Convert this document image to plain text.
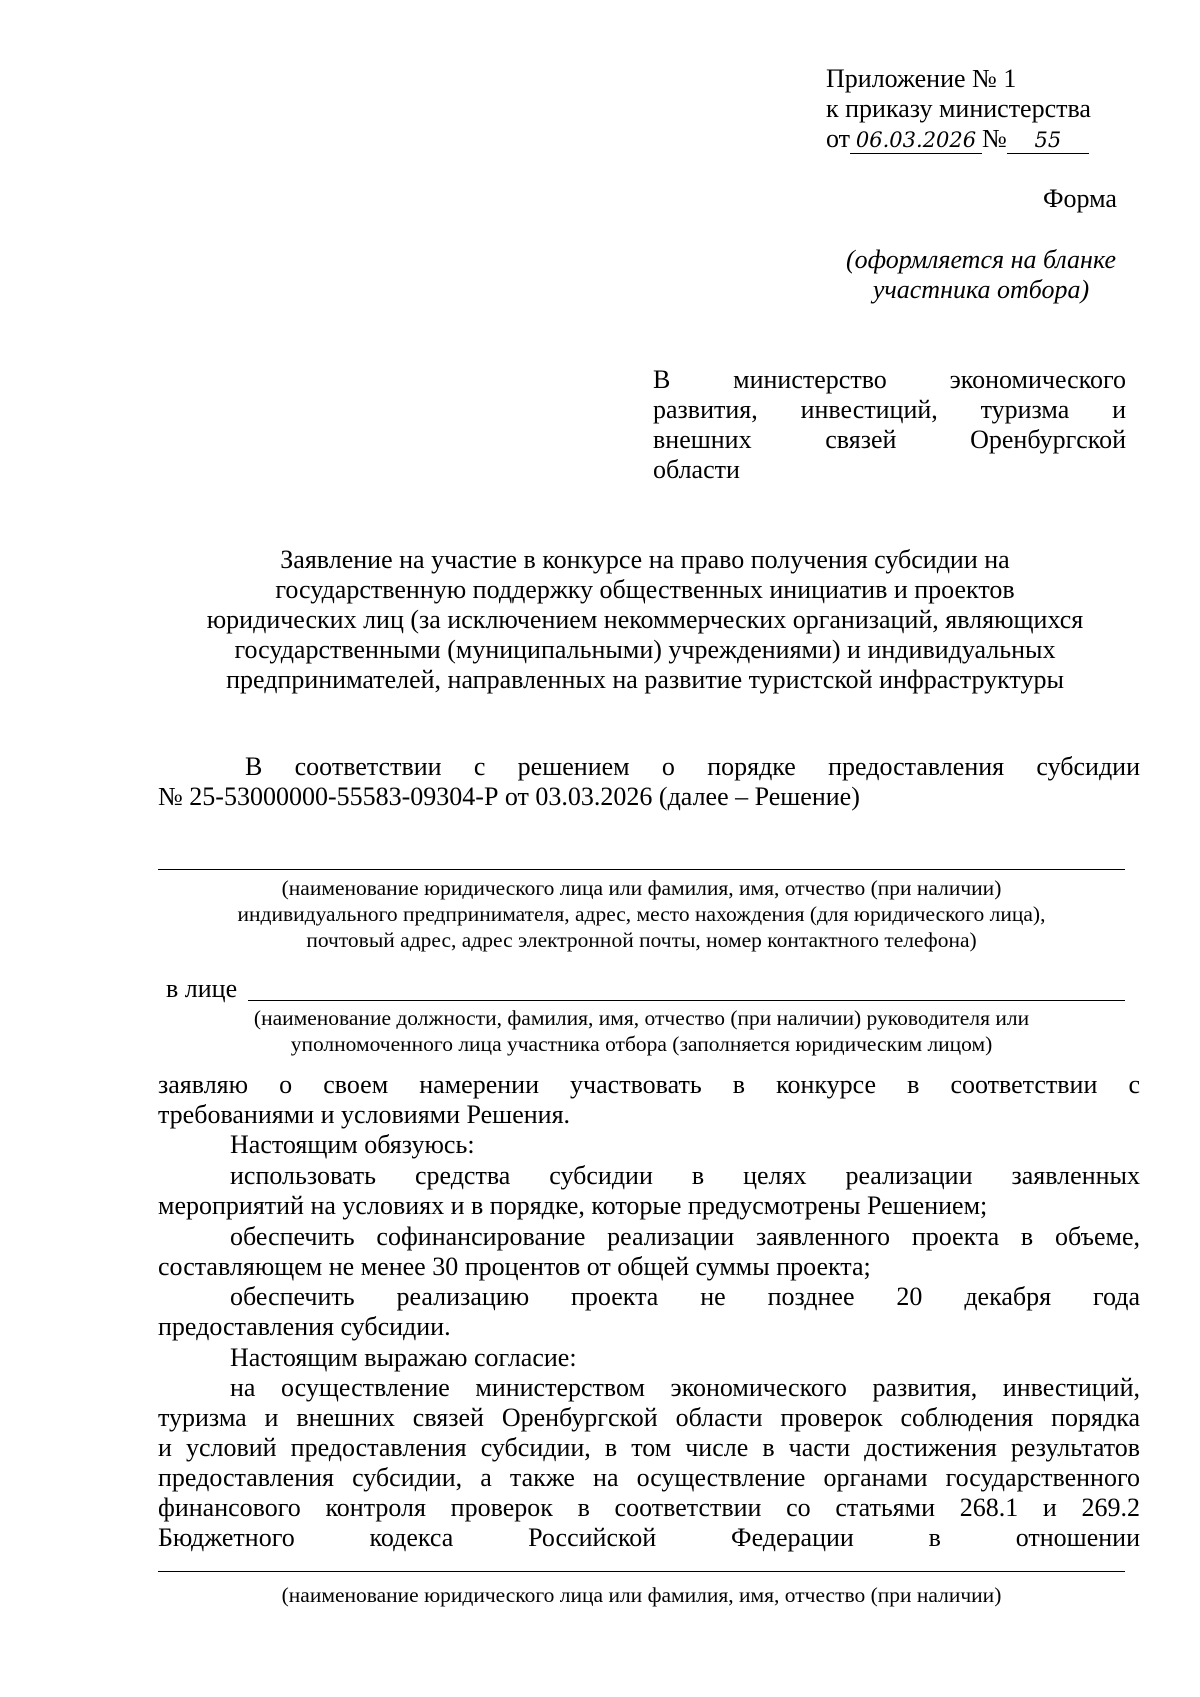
Приложение № 1
к приказу министерства
от 06.03.2026 № 55
Форма
(оформляется на бланке
участника отбора)
В министерство экономического
развития, инвестиций, туризма и
внешних связей Оренбургской
области
Заявление на участие в конкурсе на право получения субсидии на
государственную поддержку общественных инициатив и проектов
юридических лиц (за исключением некоммерческих организаций, являющихся
государственными (муниципальными) учреждениями) и индивидуальных
предпринимателей, направленных на развитие туристской инфраструктуры
В соответствии с решением о порядке предоставления субсидии
№ 25-53000000-55583-09304-Р от 03.03.2026 (далее – Решение)
(наименование юридического лица или фамилия, имя, отчество (при наличии)
индивидуального предпринимателя, адрес, место нахождения (для юридического лица),
почтовый адрес, адрес электронной почты, номер контактного телефона)
в лице
(наименование должности, фамилия, имя, отчество (при наличии) руководителя или
уполномоченного лица участника отбора (заполняется юридическим лицом)
заявляю о своем намерении участвовать в конкурсе в соответствии с
требованиями и условиями Решения.
Настоящим обязуюсь:
использовать средства субсидии в целях реализации заявленных
мероприятий на условиях и в порядке, которые предусмотрены Решением;
обеспечить софинансирование реализации заявленного проекта в объеме,
составляющем не менее 30 процентов от общей суммы проекта;
обеспечить реализацию проекта не позднее 20 декабря года
предоставления субсидии.
Настоящим выражаю согласие:
на осуществление министерством экономического развития, инвестиций,
туризма и внешних связей Оренбургской области проверок соблюдения порядка
и условий предоставления субсидии, в том числе в части достижения результатов
предоставления субсидии, а также на осуществление органами государственного
финансового контроля проверок в соответствии со статьями 268.1 и 269.2
Бюджетного кодекса Российской Федерации в отношении
(наименование юридического лица или фамилия, имя, отчество (при наличии)
